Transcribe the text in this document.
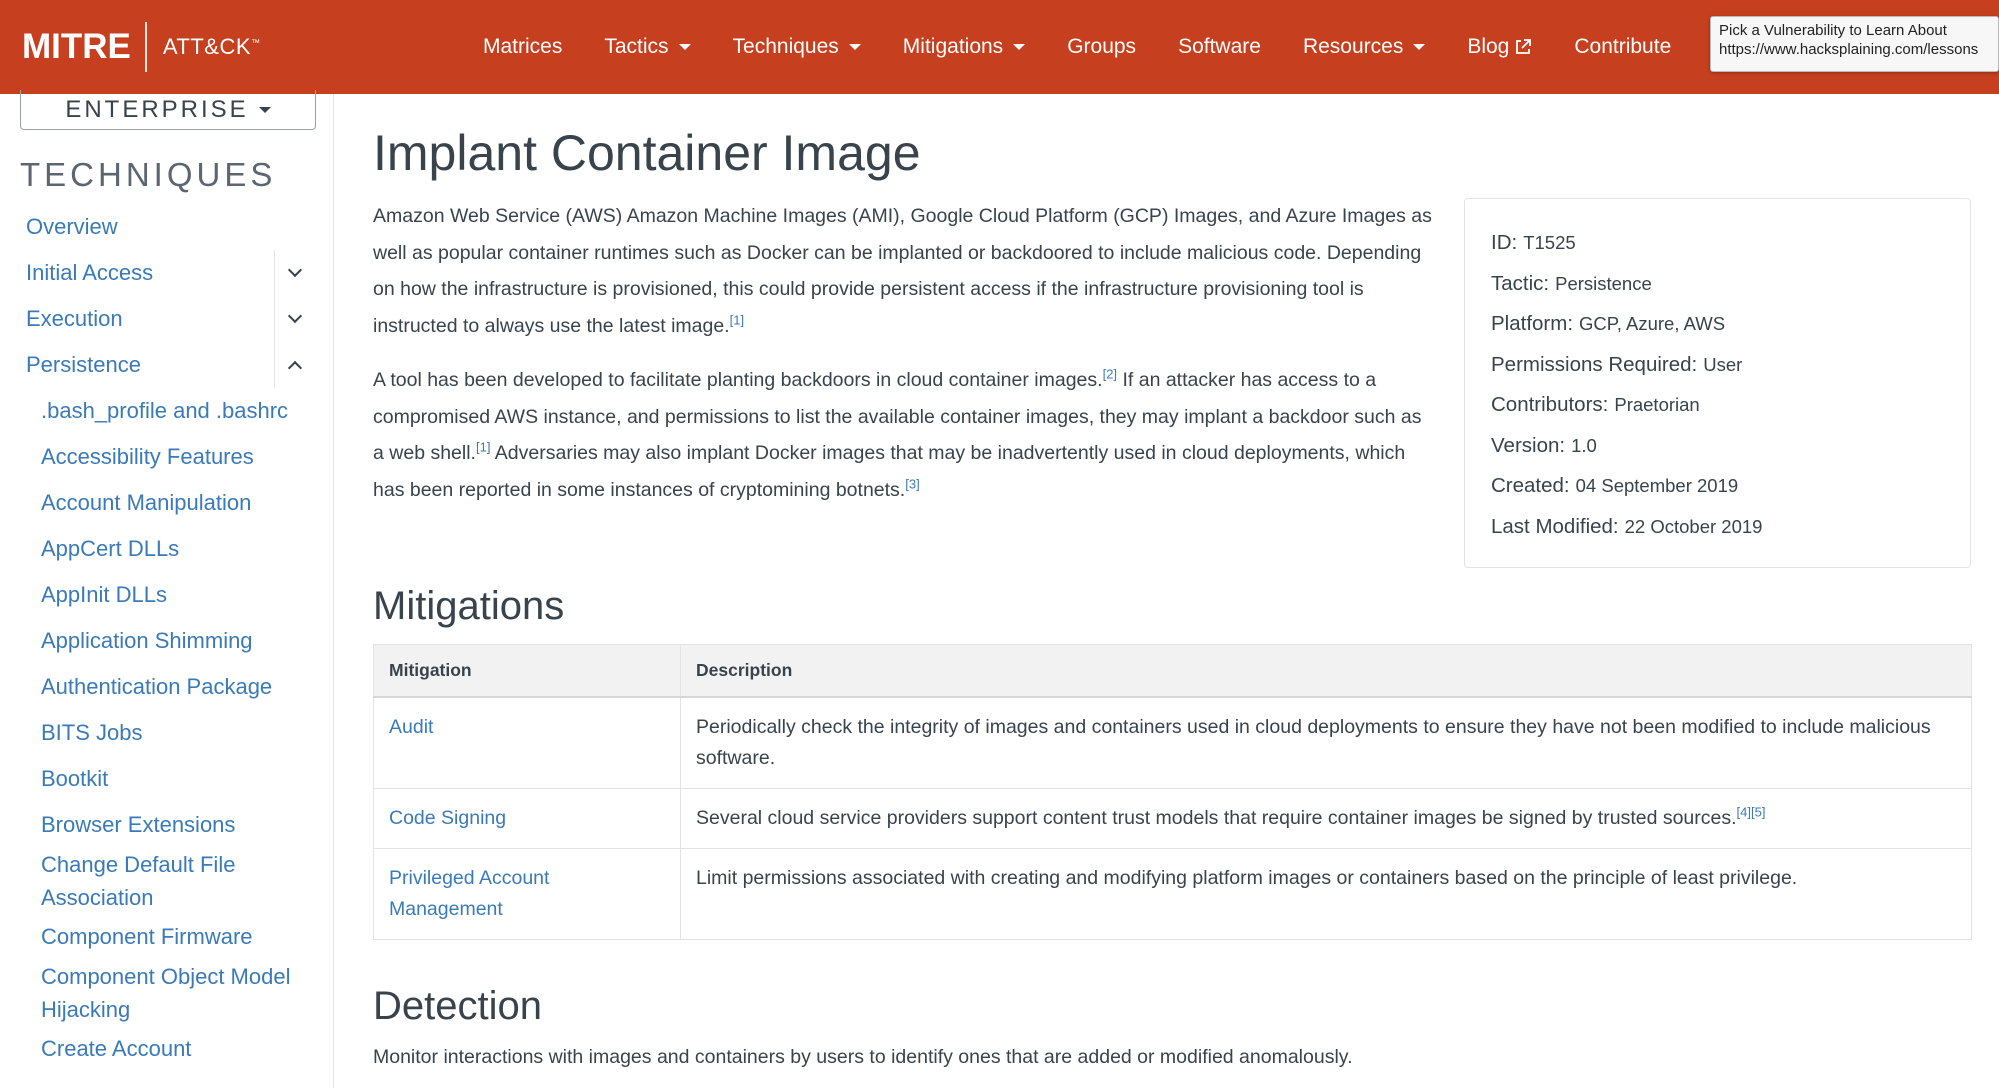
MITRE ATT&CK™	Matrices Tactics	Techniques	Mitigations	Groups Software Resources	Blog	Contribute
Pick a Vulnerability to Learn About
https://www.hacksplaining.com/lessons
ENTERPRISE
TECHNIQUES
Overview
Initial Access
Execution
Persistence
.bash_profile and .bashrc
Accessibility Features
Account Manipulation
AppCert DLLs
AppInit DLLs
Application Shimming
Authentication Package
BITS Jobs
Bootkit
Browser Extensions
Change Default File Association
Component Firmware
Component Object Model Hijacking
Create Account
Implant Container Image

Amazon Web Service (AWS) Amazon Machine Images (AMI), Google Cloud Platform (GCP) Images, and Azure Images as well as popular container runtimes such as Docker can be implanted or backdoored to include malicious code. Depending on how the infrastructure is provisioned, this could provide persistent access if the infrastructure provisioning tool is instructed to always use the latest image.[1]

A tool has been developed to facilitate planting backdoors in cloud container images.[2] If an attacker has access to a compromised AWS instance, and permissions to list the available container images, they may implant a backdoor such as a web shell.[1] Adversaries may also implant Docker images that may be inadvertently used in cloud deployments, which has been reported in some instances of cryptomining botnets.[3]

ID: T1525
Tactic: Persistence
Platform: GCP, Azure, AWS
Permissions Required: User
Contributors: Praetorian
Version: 1.0
Created: 04 September 2019
Last Modified: 22 October 2019
Mitigations
Mitigation	Description
Audit	Periodically check the integrity of images and containers used in cloud deployments to ensure they have not been modified to include malicious software.
Code Signing	Several cloud service providers support content trust models that require container images be signed by trusted sources.[4][5]
Privileged Account Management	Limit permissions associated with creating and modifying platform images or containers based on the principle of least privilege.
Detection
Monitor interactions with images and containers by users to identify ones that are added or modified anomalously.
